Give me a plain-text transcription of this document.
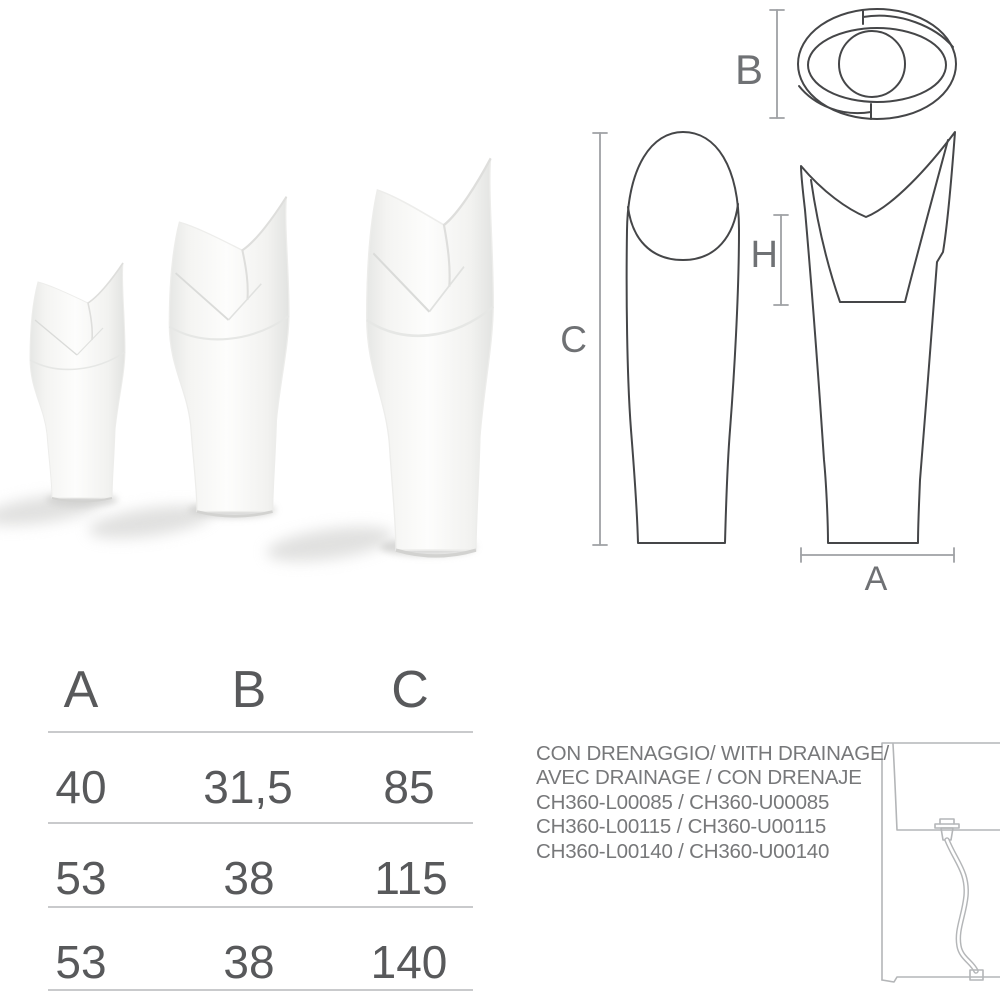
B
C
H
A
A	B C
40 31,5 85
53	38 115
53	38 140
CON DRENAGGIO/ WITH DRAINAGE/
AVEC DRAINAGE / CON DRENAJE
CH360-L00085 / CH360-U00085
CH360-L00115 / CH360-U00115
CH360-L00140 / CH360-U00140
